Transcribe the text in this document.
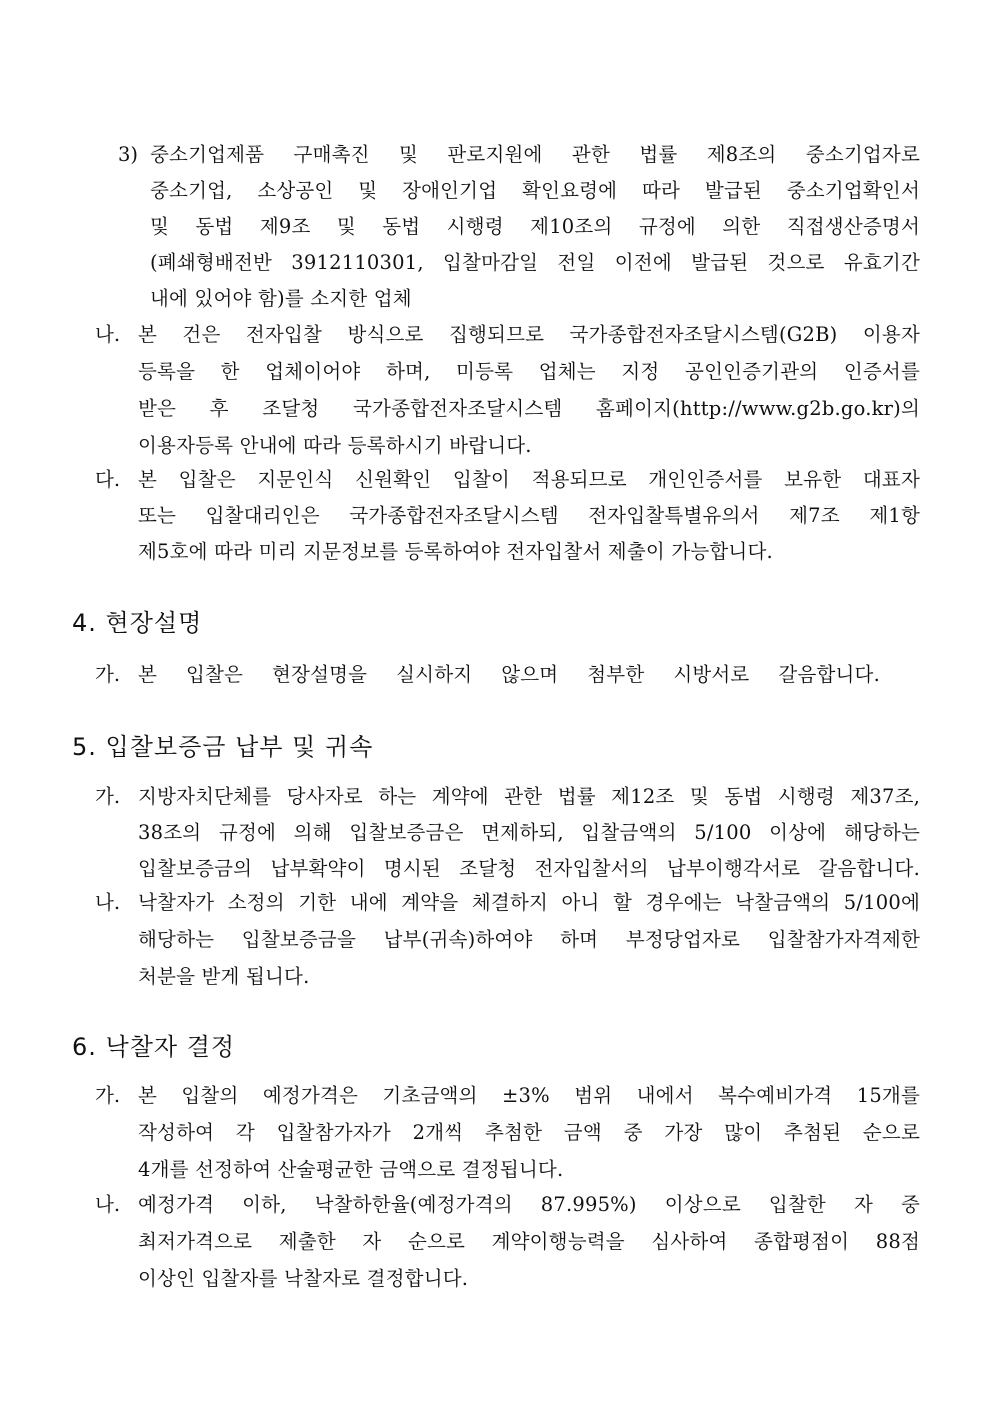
3) 중소기업제품 구매촉진 및 판로지원에 관한 법률 제8조의 중소기업자로
중소기업, 소상공인 및 장애인기업 확인요령에 따라 발급된 중소기업확인서
및 동법 제9조 및 동법 시행령 제10조의 규정에 의한 직접생산증명서
(폐쇄형배전반 3912110301, 입찰마감일 전일 이전에 발급된 것으로 유효기간
내에 있어야 함)를 소지한 업체
나. 본 건은 전자입찰 방식으로 집행되므로 국가종합전자조달시스템(G2B) 이용자
등록을 한 업체이어야 하며, 미등록 업체는 지정 공인인증기관의 인증서를
받은 후 조달청 국가종합전자조달시스템 홈페이지(http://www.g2b.go.kr)의
이용자등록 안내에 따라 등록하시기 바랍니다.
다. 본 입찰은 지문인식 신원확인 입찰이 적용되므로 개인인증서를 보유한 대표자
또는 입찰대리인은 국가종합전자조달시스템 전자입찰특별유의서 제7조 제1항
제5호에 따라 미리 지문정보를 등록하여야 전자입찰서 제출이 가능합니다.
4. 현장설명
가. 본 입찰은 현장설명을 실시하지 않으며 첨부한 시방서로 갈음합니다.
5. 입찰보증금 납부 및 귀속
가. 지방자치단체를 당사자로 하는 계약에 관한 법률 제12조 및 동법 시행령 제37조,
38조의 규정에 의해 입찰보증금은 면제하되, 입찰금액의 5/100 이상에 해당하는
입찰보증금의 납부확약이 명시된 조달청 전자입찰서의 납부이행각서로 갈음합니다.
나. 낙찰자가 소정의 기한 내에 계약을 체결하지 아니 할 경우에는 낙찰금액의 5/100에
해당하는 입찰보증금을 납부(귀속)하여야 하며 부정당업자로 입찰참가자격제한
처분을 받게 됩니다.
6. 낙찰자 결정
가. 본 입찰의 예정가격은 기초금액의 ±3% 범위 내에서 복수예비가격 15개를
작성하여 각 입찰참가자가 2개씩 추첨한 금액 중 가장 많이 추첨된 순으로
4개를 선정하여 산술평균한 금액으로 결정됩니다.
나. 예정가격 이하, 낙찰하한율(예정가격의 87.995%) 이상으로 입찰한 자 중
최저가격으로 제출한 자 순으로 계약이행능력을 심사하여 종합평점이 88점
이상인 입찰자를 낙찰자로 결정합니다.
